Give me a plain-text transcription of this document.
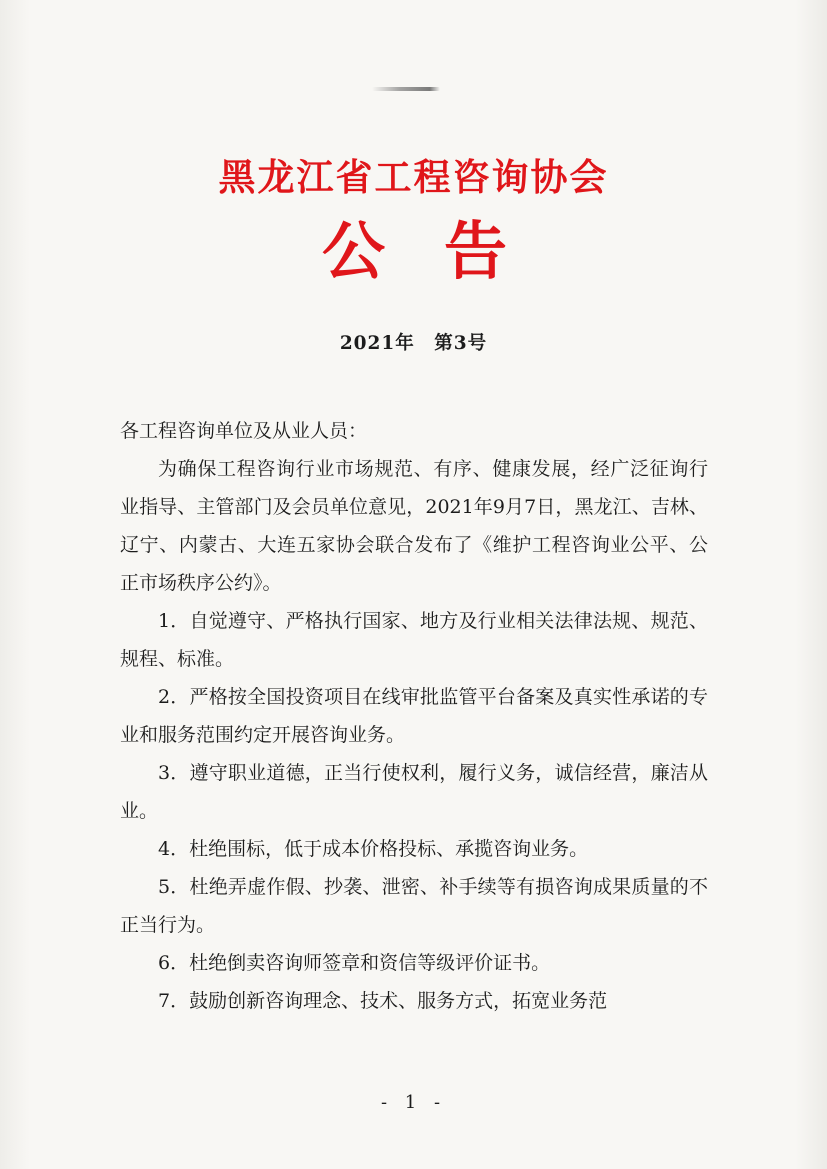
黑龙江省工程咨询协会
公 告
2021年　第3号

各工程咨询单位及从业人员：

为确保工程咨询行业市场规范、有序、健康发展，经广泛征询行业指导、主管部门及会员单位意见，2021年9月7日，黑龙江、吉林、辽宁、内蒙古、大连五家协会联合发布了《维护工程咨询业公平、公正市场秩序公约》。

1．自觉遵守、严格执行国家、地方及行业相关法律法规、规范、规程、标准。

2．严格按全国投资项目在线审批监管平台备案及真实性承诺的专业和服务范围约定开展咨询业务。

3．遵守职业道德，正当行使权利，履行义务，诚信经营，廉洁从业。

4．杜绝围标，低于成本价格投标、承揽咨询业务。

5．杜绝弄虚作假、抄袭、泄密、补手续等有损咨询成果质量的不正当行为。

6．杜绝倒卖咨询师签章和资信等级评价证书。

7．鼓励创新咨询理念、技术、服务方式，拓宽业务范

- 1 -
